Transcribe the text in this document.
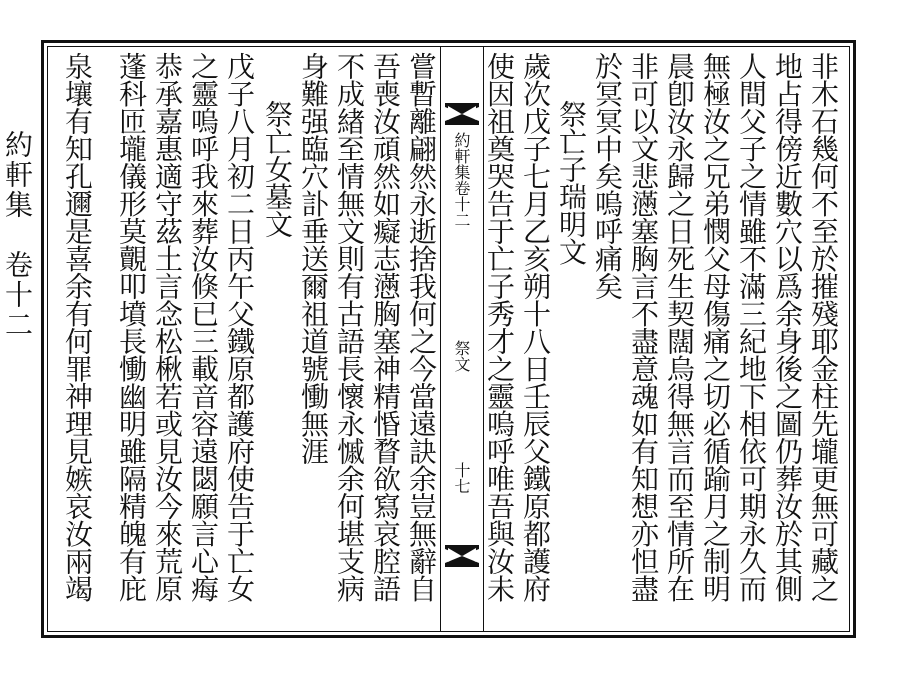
約軒集
卷十二	非木石幾何不至於摧殘耶金柱先壠更無可藏之
地占得傍近數穴以爲余身後之圖仍葬汝於其側
人間父子之情雖不滿三紀地下相依可期永久而
無極汝之兄弟憫父母傷痛之切必循踰月之制明
晨卽汝永歸之日死生契闊烏得無言而至情所在
非可以文悲懣塞胸言不盡意魂如有知想亦怛盡
於冥冥中矣嗚呼痛矣
祭亡子瑞明文
歲次戊子七月乙亥朔十八日壬辰父鐵原都護府
使因祖奠哭告于亡子秀才之靈嗚呼唯吾與汝未
約軒集卷十二
祭文
十七
嘗暫離翩然永逝捨我何之今當遠訣余豈無辭自
吾喪汝頑然如癡志懣胸塞神精惛瞀欲寫哀腔語
不成緖至情無文則有古語長懷永慽余何堪支病
身難强臨穴訃垂送爾祖道號慟無涯
祭亡女墓文
戊子八月初二日丙午父鐵原都護府使告于亡女
之靈嗚呼我來葬汝倏已三載音容遠閟願言心痗
恭承嘉惠適守茲土言念松楸若或見汝今來荒原
蓬科匝壠儀形莫覿叩墳長慟幽明雖隔精魄有庇
泉壤有知孔邇是喜余有何罪神理見嫉哀汝兩竭
